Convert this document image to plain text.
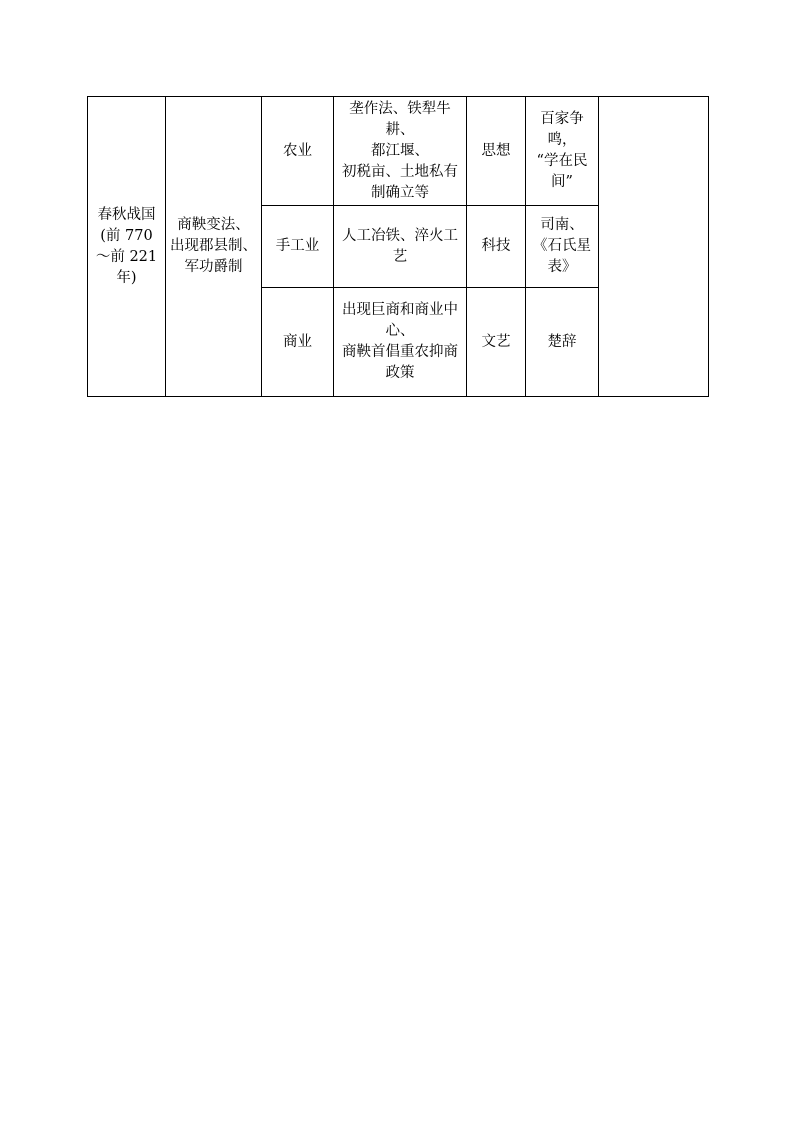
春秋战国
(前 770
～前 221
年)	商鞅变法、
出现郡县制、
军功爵制	农业	垄作法、铁犁牛耕、
都江堰、
初税亩、土地私有
制确立等	思想	百家争鸣，
“学在民
间”	

		手工业	人工冶铁、淬火工
艺	科技	司南、
《石氏星
表》	

		商业	出现巨商和商业中
心、
商鞅首倡重农抑商
政策	文艺	楚辞	
